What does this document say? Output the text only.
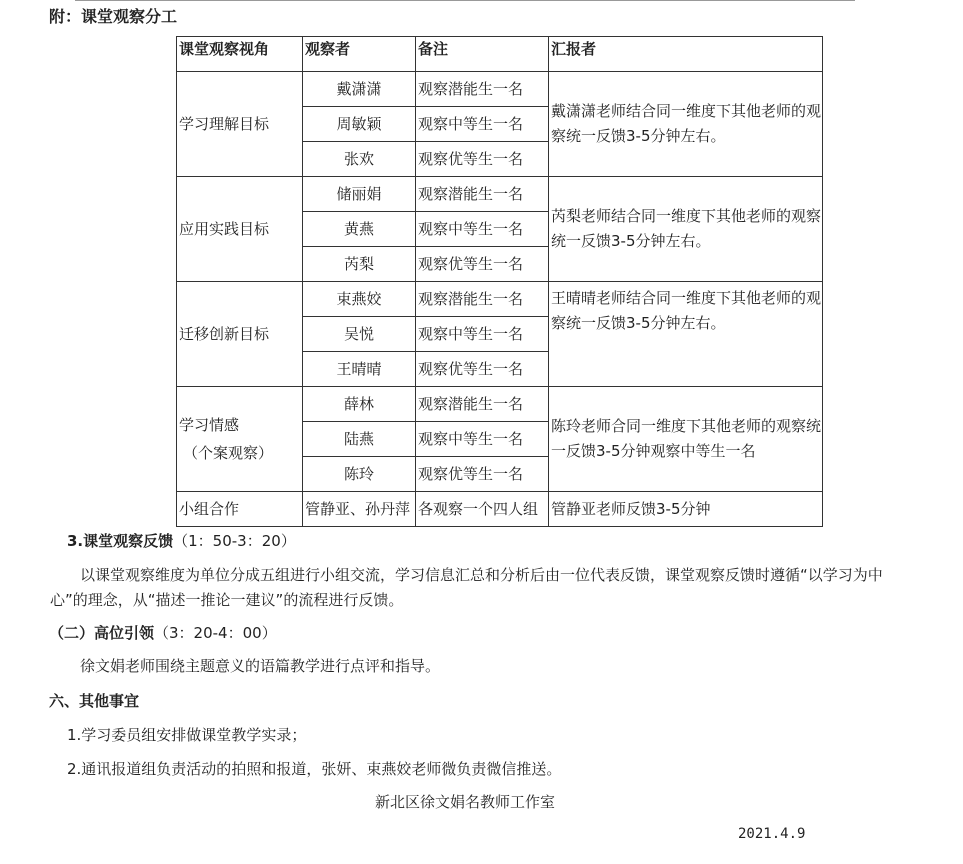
附：课堂观察分工
课堂观察视角	观察者	备注	汇报者
学习理解目标	戴潇潇	观察潜能生一名	戴潇潇老师结合同一维度下其他老师的观察统一反馈3-5分钟左右。
	周敏颖	观察中等生一名	
	张欢	观察优等生一名	
应用实践目标	储丽娟	观察潜能生一名	芮梨老师结合同一维度下其他老师的观察统一反馈3-5分钟左右。
	黄燕	观察中等生一名	
	芮梨	观察优等生一名	
迁移创新目标	束燕姣	观察潜能生一名	王晴晴老师结合同一维度下其他老师的观察统一反馈3-5分钟左右。
	吴悦	观察中等生一名	
	王晴晴	观察优等生一名	
学习情感
（个案观察）	薛林	观察潜能生一名	陈玲老师合同一维度下其他老师的观察统一反馈3-5分钟观察中等生一名
	陆燕	观察中等生一名	
	陈玲	观察优等生一名	
小组合作	管静亚、孙丹萍	各观察一个四人组	管静亚老师反馈3-5分钟
3.课堂观察反馈（1：50-3：20）
以课堂观察维度为单位分成五组进行小组交流，学习信息汇总和分析后由一位代表反馈，课堂观察反馈时遵循“以学习为中
心”的理念，从“描述一推论一建议”的流程进行反馈。
（二）高位引领（3：20-4：00）
徐文娟老师围绕主题意义的语篇教学进行点评和指导。
六、其他事宜
1.学习委员组安排做课堂教学实录；
2.通讯报道组负责活动的拍照和报道，张妍、束燕姣老师微负责微信推送。
新北区徐文娟名教师工作室
2021.4.9
